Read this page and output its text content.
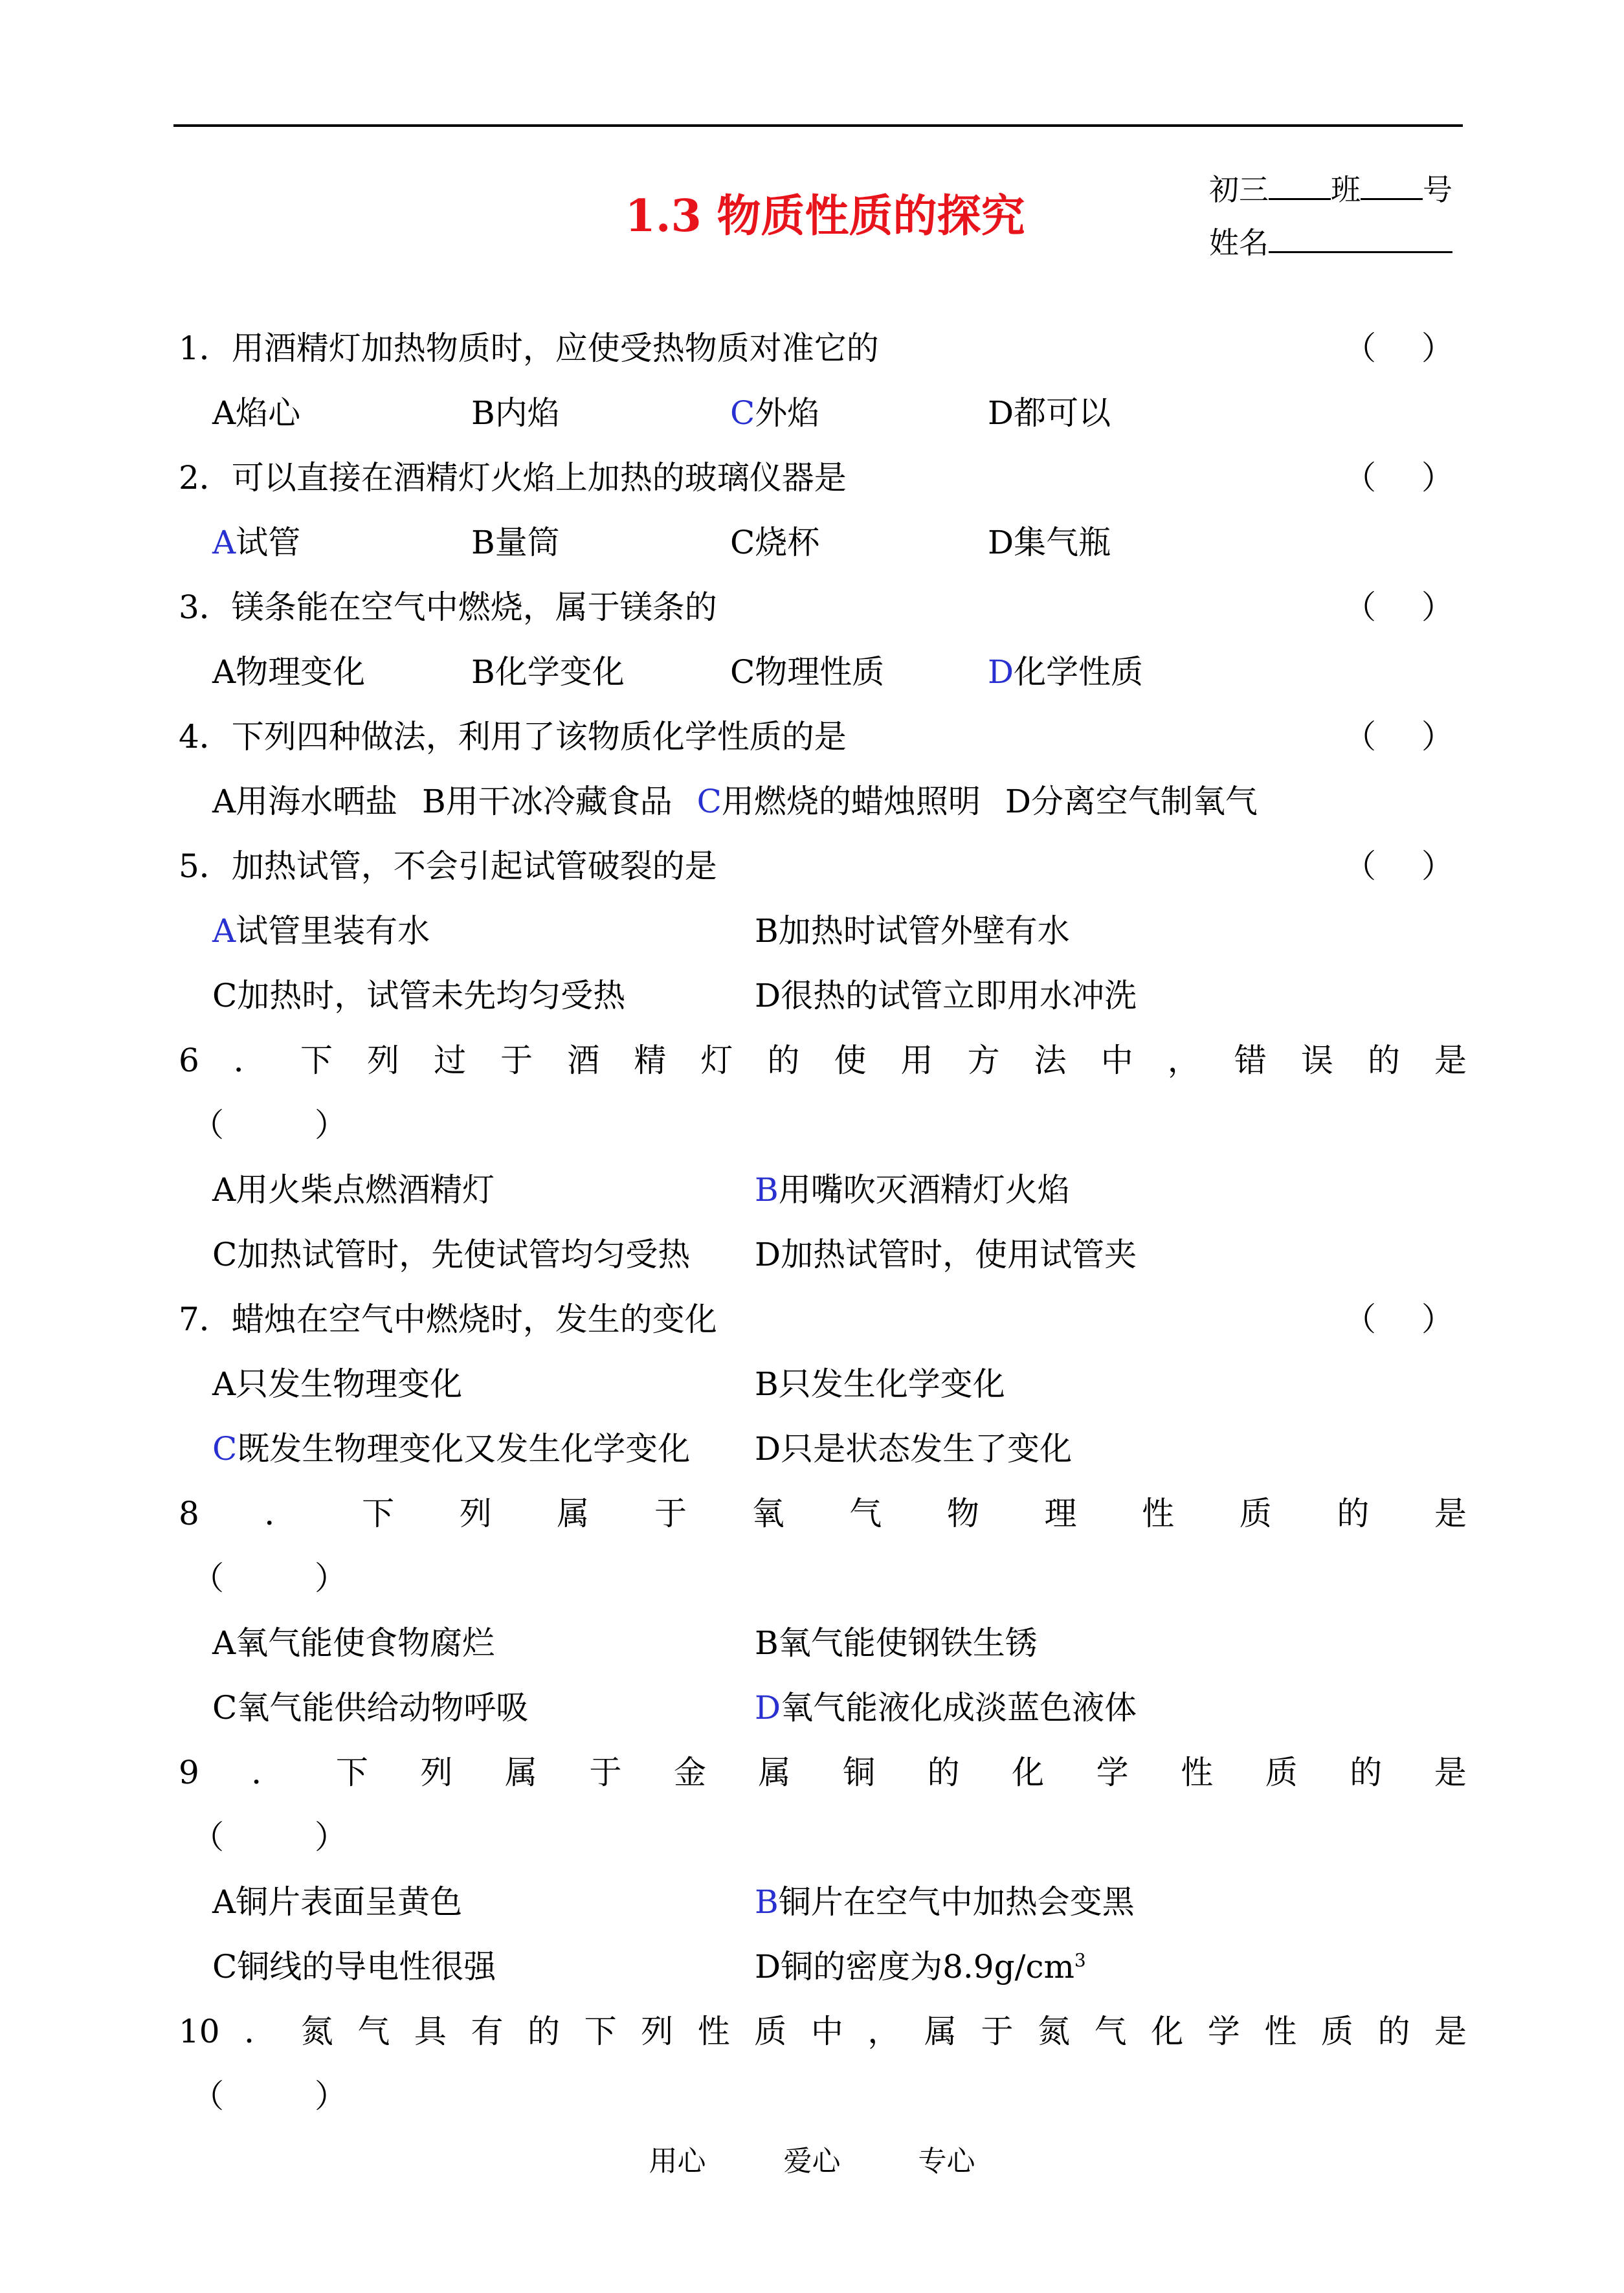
1.3 物质性质的探究
初三 班 号
姓名
1．用酒精灯加热物质时，应使受热物质对准它的	（ ）
A焰心	B内焰	C外焰	D都可以
2．可以直接在酒精灯火焰上加热的玻璃仪器是	（ ）
A试管	B量筒	C烧杯	D集气瓶
3．镁条能在空气中燃烧，属于镁条的	（ ）
A物理变化	B化学变化	C物理性质	D化学性质
4．下列四种做法，利用了该物质化学性质的是	（ ）
A用海水晒盐 B用干冰冷藏食品 C用燃烧的蜡烛照明 D分离空气制氧气
5．加热试管，不会引起试管破裂的是	（ ）
A试管里装有水	B加热时试管外壁有水
C加热时，试管未先均匀受热	D很热的试管立即用水冲洗
6 ． 下 列 过 于 酒 精 灯 的 使 用 方 法 中 ， 错 误 的 是
（	）
A用火柴点燃酒精灯	B用嘴吹灭酒精灯火焰
C加热试管时，先使试管均匀受热 D加热试管时，使用试管夹
7．蜡烛在空气中燃烧时，发生的变化	（ ）
A只发生物理变化	B只发生化学变化
C既发生物理变化又发生化学变化 D只是状态发生了变化
8 ． 下 列 属 于 氧 气 物 理 性 质 的 是
（	）
A氧气能使食物腐烂	B氧气能使钢铁生锈
C氧气能供给动物呼吸	D氧气能液化成淡蓝色液体
9 ． 下 列 属 于 金 属 铜 的 化 学 性 质 的 是
（	）
A铜片表面呈黄色	B铜片在空气中加热会变黑
C铜线的导电性很强	D铜的密度为$8.9g/cm^3$
10 ． 氮 气 具 有 的 下 列 性 质 中 ， 属 于 氮 气 化 学 性 质 的 是
（	）
用心	爱心	专心
